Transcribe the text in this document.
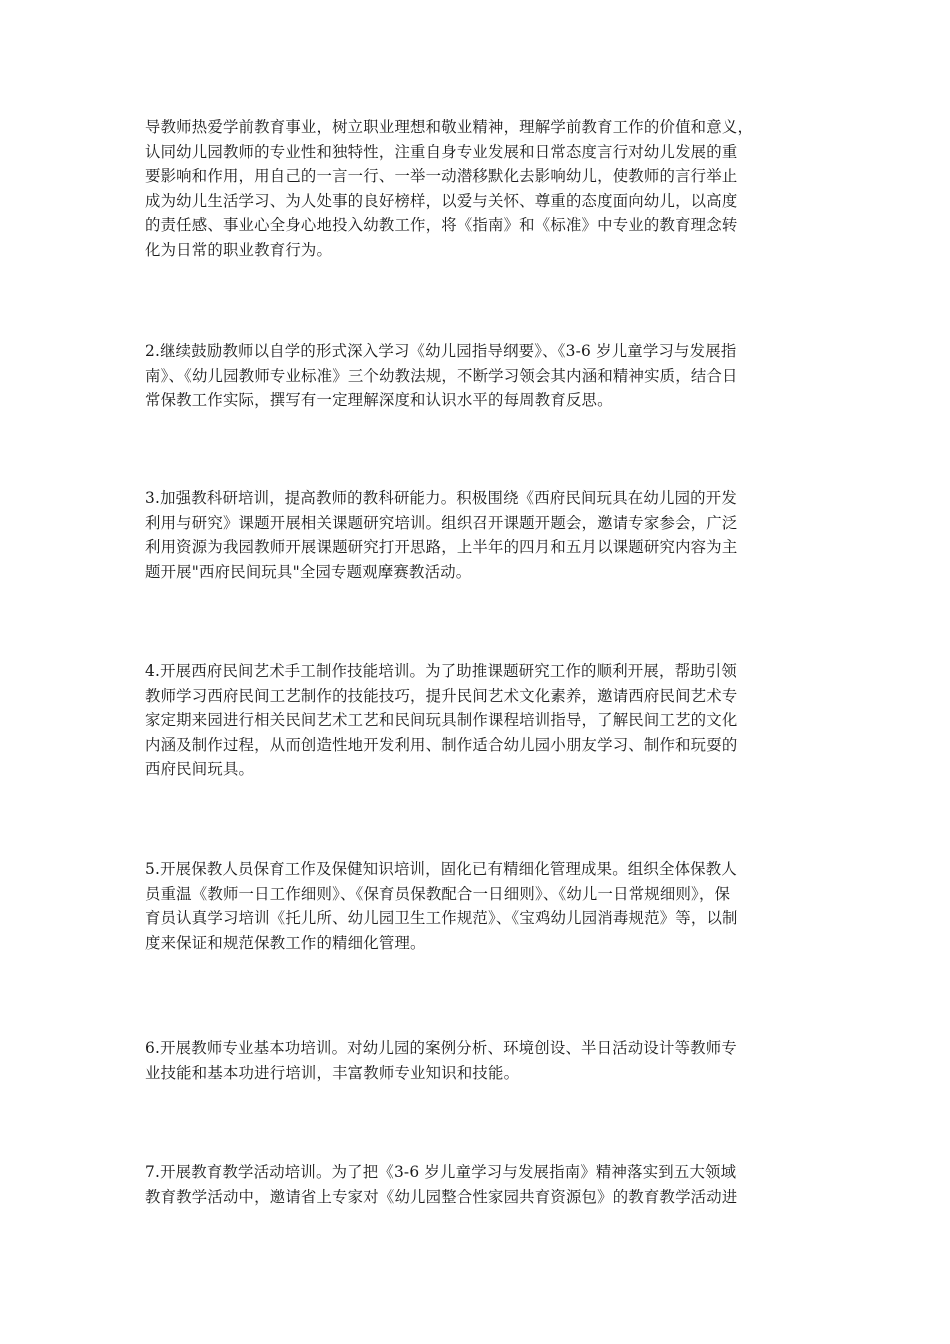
导教师热爱学前教育事业，树立职业理想和敬业精神，理解学前教育工作的价值和意义，
认同幼儿园教师的专业性和独特性，注重自身专业发展和日常态度言行对幼儿发展的重
要影响和作用，用自己的一言一行、一举一动潜移默化去影响幼儿，使教师的言行举止
成为幼儿生活学习、为人处事的良好榜样，以爱与关怀、尊重的态度面向幼儿，以高度
的责任感、事业心全身心地投入幼教工作，将《指南》和《标准》中专业的教育理念转
化为日常的职业教育行为。

2.继续鼓励教师以自学的形式深入学习《幼儿园指导纲要》、《3-6 岁儿童学习与发展指
南》、《幼儿园教师专业标准》三个幼教法规，不断学习领会其内涵和精神实质，结合日
常保教工作实际，撰写有一定理解深度和认识水平的每周教育反思。

3.加强教科研培训，提高教师的教科研能力。积极围绕《西府民间玩具在幼儿园的开发
利用与研究》课题开展相关课题研究培训。组织召开课题开题会，邀请专家参会，广泛
利用资源为我园教师开展课题研究打开思路，上半年的四月和五月以课题研究内容为主
题开展"西府民间玩具"全园专题观摩赛教活动。

4.开展西府民间艺术手工制作技能培训。为了助推课题研究工作的顺利开展，帮助引领
教师学习西府民间工艺制作的技能技巧，提升民间艺术文化素养，邀请西府民间艺术专
家定期来园进行相关民间艺术工艺和民间玩具制作课程培训指导，了解民间工艺的文化
内涵及制作过程，从而创造性地开发利用、制作适合幼儿园小朋友学习、制作和玩耍的
西府民间玩具。

5.开展保教人员保育工作及保健知识培训，固化已有精细化管理成果。组织全体保教人
员重温《教师一日工作细则》、《保育员保教配合一日细则》、《幼儿一日常规细则》，保
育员认真学习培训《托儿所、幼儿园卫生工作规范》、《宝鸡幼儿园消毒规范》等，以制
度来保证和规范保教工作的精细化管理。

6.开展教师专业基本功培训。对幼儿园的案例分析、环境创设、半日活动设计等教师专
业技能和基本功进行培训，丰富教师专业知识和技能。

7.开展教育教学活动培训。为了把《3-6 岁儿童学习与发展指南》精神落实到五大领域
教育教学活动中，邀请省上专家对《幼儿园整合性家园共育资源包》的教育教学活动进
